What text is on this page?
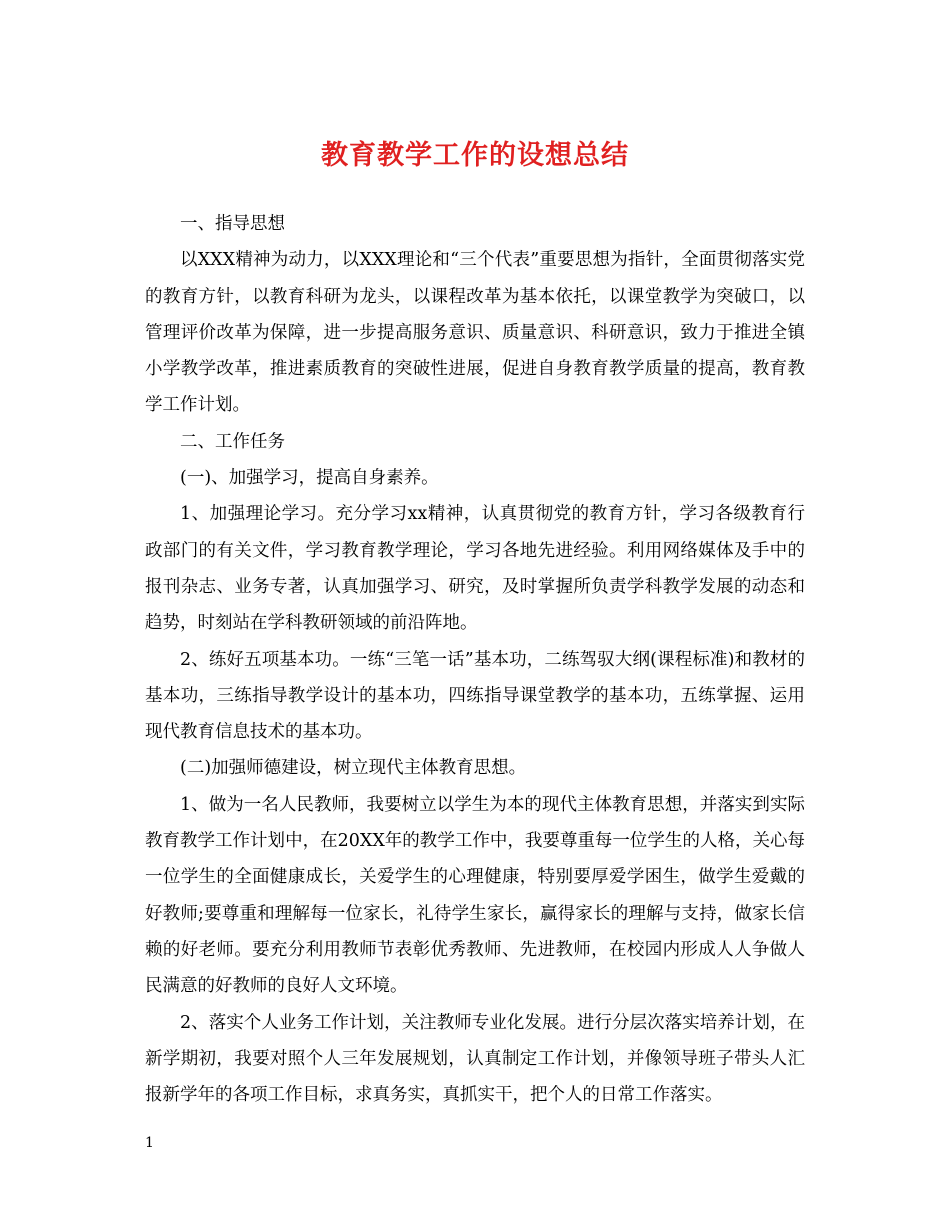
教育教学工作的设想总结

一、指导思想

以XXX精神为动力，以XXX理论和“三个代表”重要思想为指针，全面贯彻落实党的教育方针，以教育科研为龙头，以课程改革为基本依托，以课堂教学为突破口，以管理评价改革为保障，进一步提高服务意识、质量意识、科研意识，致力于推进全镇小学教学改革，推进素质教育的突破性进展，促进自身教育教学质量的提高，教育教学工作计划。

二、工作任务

(一)、加强学习，提高自身素养。

1、加强理论学习。充分学习xx精神，认真贯彻党的教育方针，学习各级教育行政部门的有关文件，学习教育教学理论，学习各地先进经验。利用网络媒体及手中的报刊杂志、业务专著，认真加强学习、研究，及时掌握所负责学科教学发展的动态和趋势，时刻站在学科教研领域的前沿阵地。

2、练好五项基本功。一练“三笔一话”基本功，二练驾驭大纲(课程标准)和教材的基本功，三练指导教学设计的基本功，四练指导课堂教学的基本功，五练掌握、运用现代教育信息技术的基本功。

(二)加强师德建设，树立现代主体教育思想。

1、做为一名人民教师，我要树立以学生为本的现代主体教育思想，并落实到实际教育教学工作计划中，在20XX年的教学工作中，我要尊重每一位学生的人格，关心每一位学生的全面健康成长，关爱学生的心理健康，特别要厚爱学困生，做学生爱戴的好教师;要尊重和理解每一位家长，礼待学生家长，赢得家长的理解与支持，做家长信赖的好老师。要充分利用教师节表彰优秀教师、先进教师，在校园内形成人人争做人民满意的好教师的良好人文环境。

2、落实个人业务工作计划，关注教师专业化发展。进行分层次落实培养计划，在新学期初，我要对照个人三年发展规划，认真制定工作计划，并像领导班子带头人汇报新学年的各项工作目标，求真务实，真抓实干，把个人的日常工作落实。

1
